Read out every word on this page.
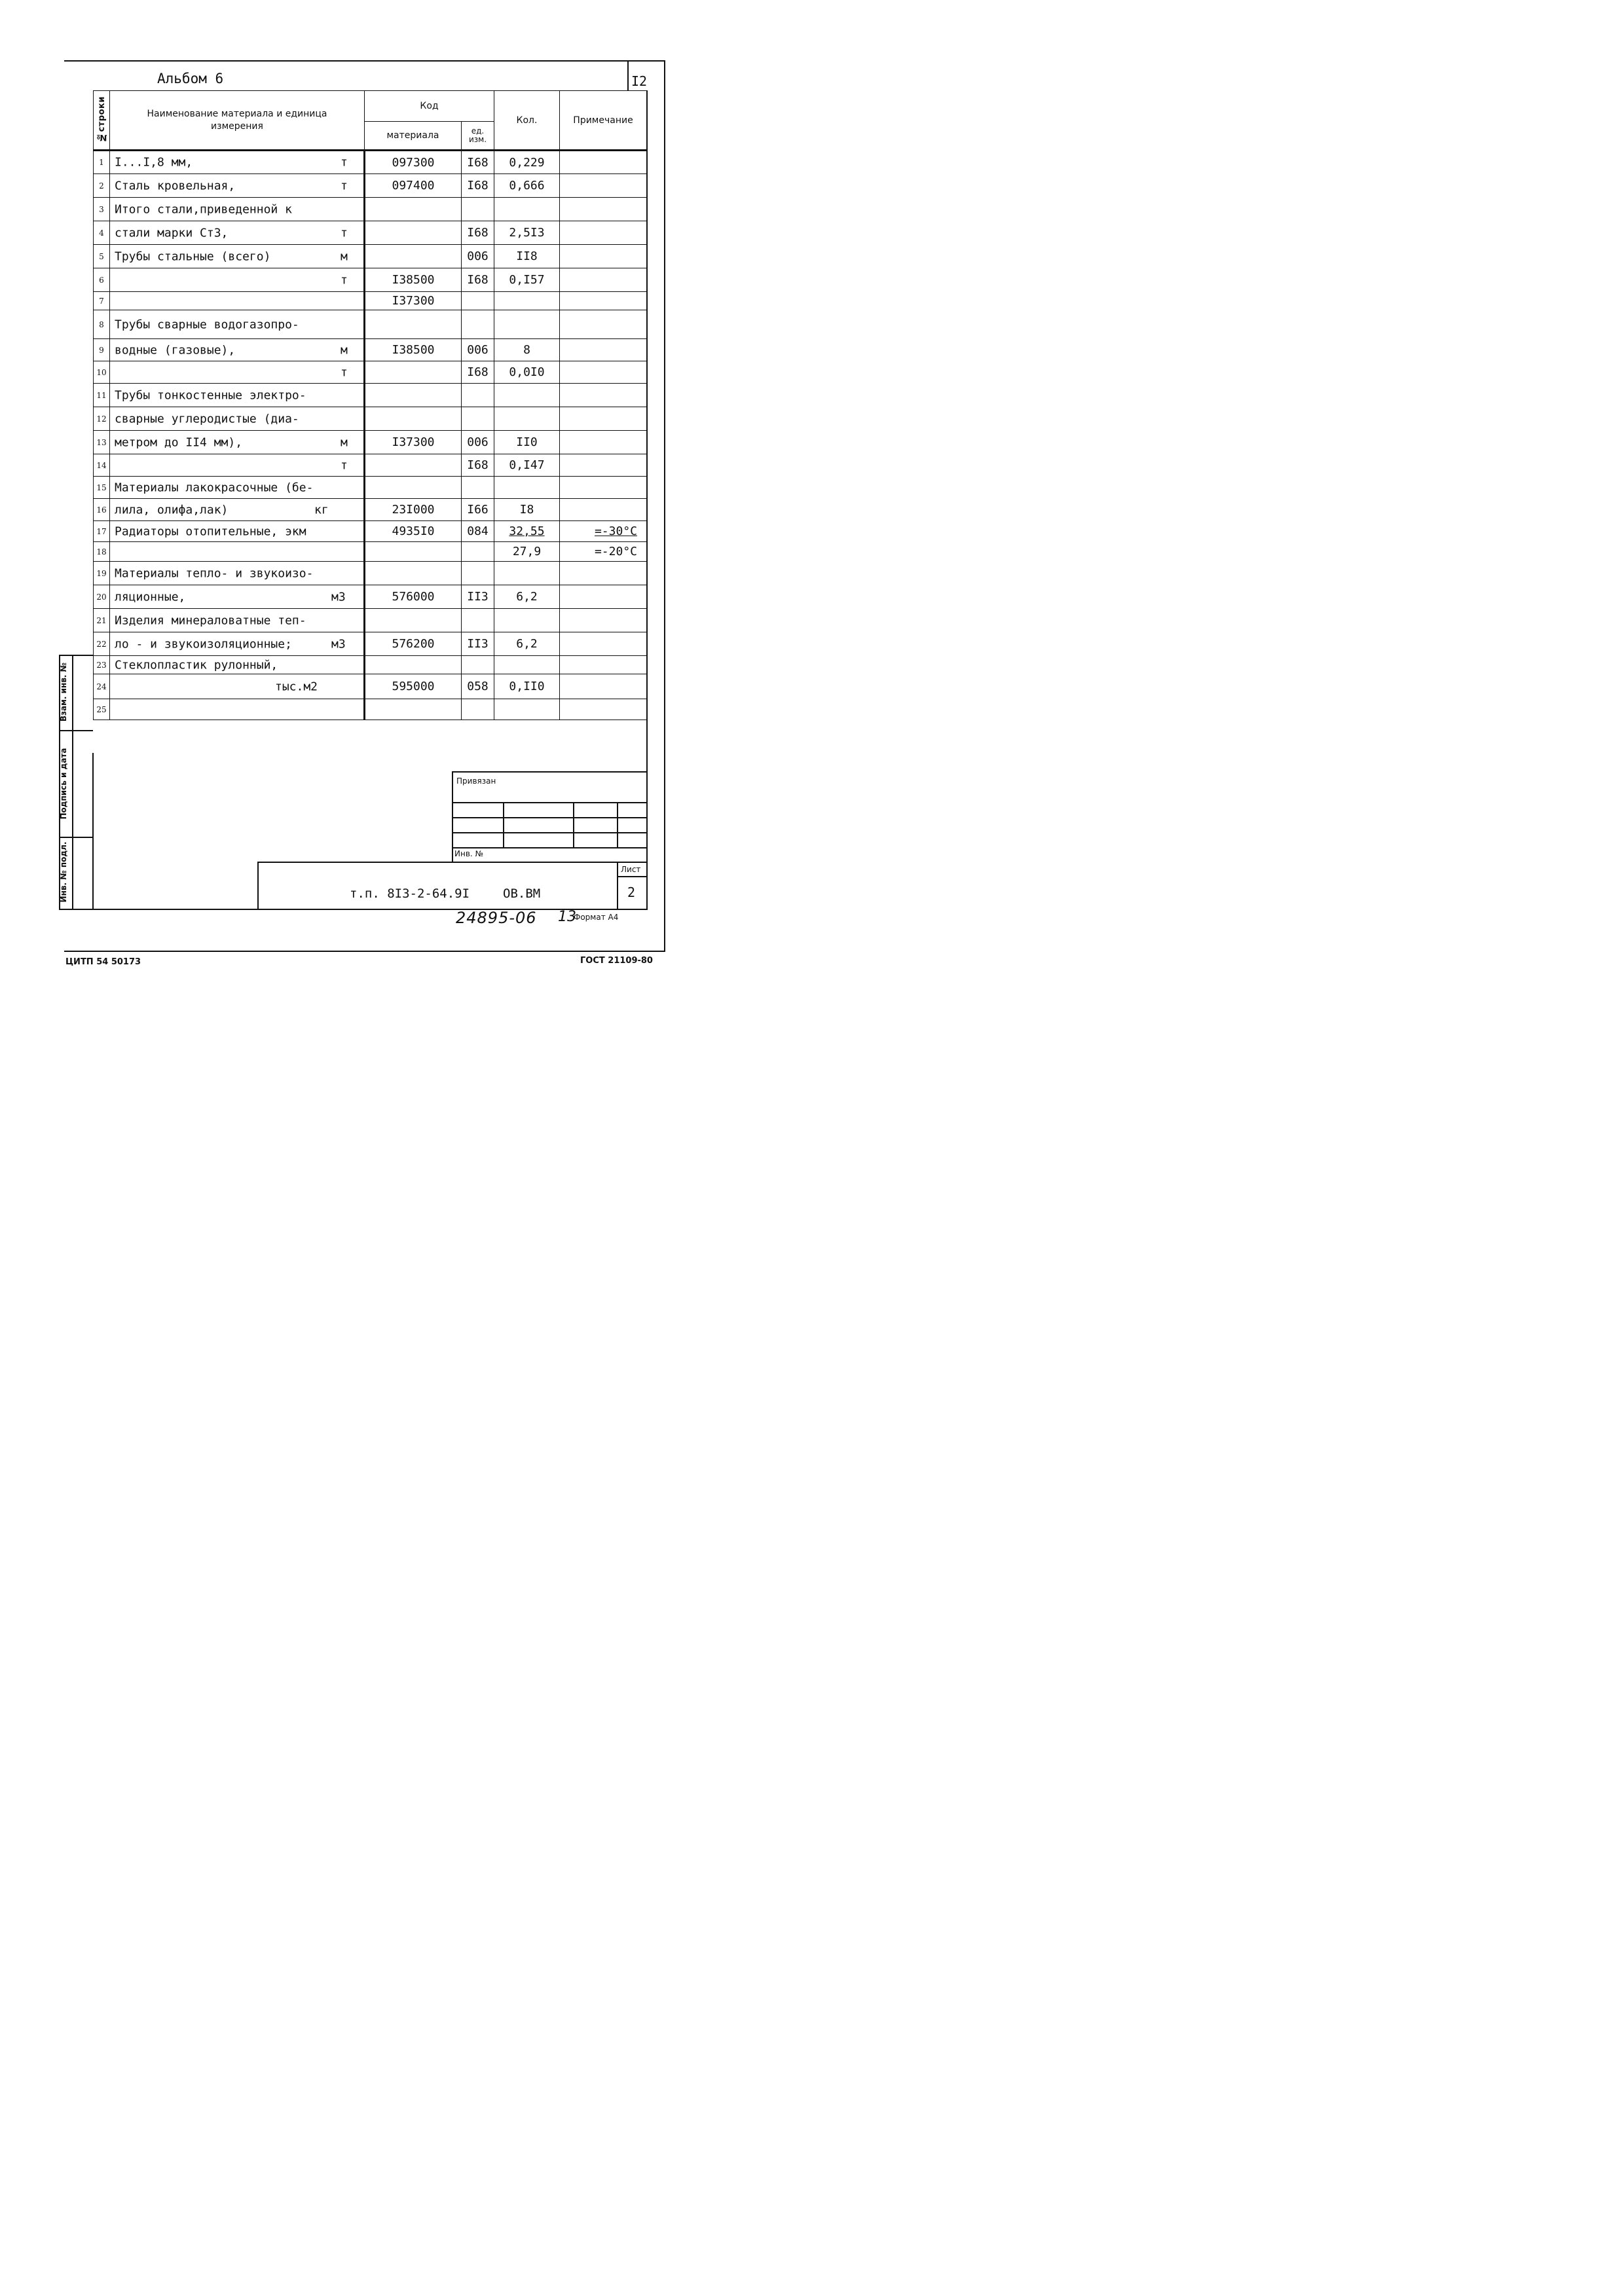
Альбом 6	I2
№строки	Наименование материала и единица измерения	Код		Кол.	Примечание
		материала	ед. изм.		
1	I...I,8 мм, т	097300	I68	0,229	
2	Сталь кровельная, т	097400	I68	0,666	
3	Итого стали,приведенной к				

4	стали марки Ст3, т		I68	2,5I3	
5	Трубы стальные (всего) м		006	II8	
6	т	I38500	I68	0,I57	
7		I37300			
8	Трубы сварные водогазопро-				

9	водные (газовые), м	I38500	006	8	
10	т		I68	0,0I0	
11	Трубы тонкостенные электро-				

12	сварные углеродистые (диа-				

13	метром до II4 мм), м	I37300	006	II0	
14	т		I68	0,I47	
15	Материалы лакокрасочные (бе-				

16	лила, олифа,лак) кг	23I000	I66	I8	
17	Радиаторы отопительные, экм	4935I0	084	32,55	=-30°С
18				27,9	=-20°С
19	Материалы тепло- и звукоизо-				

20	ляционные, м3	576000	II3	6,2	
21	Изделия минераловатные теп-				

22	ло - и звукоизоляционные; м3	576200	II3	6,2	
23	Стеклопластик рулонный,				

24	тыс.м2	595000	058	0,II0	
25	

Взам. инв. №
Подпись и дата
Инв. № подл.
Привязан
Инв. №
Лист
2
т.п. 8I3-2-64.9I	ОВ.ВМ
24895-06 13
Формат А4
ЦИТП 54 50173	ГОСТ 21109-80
